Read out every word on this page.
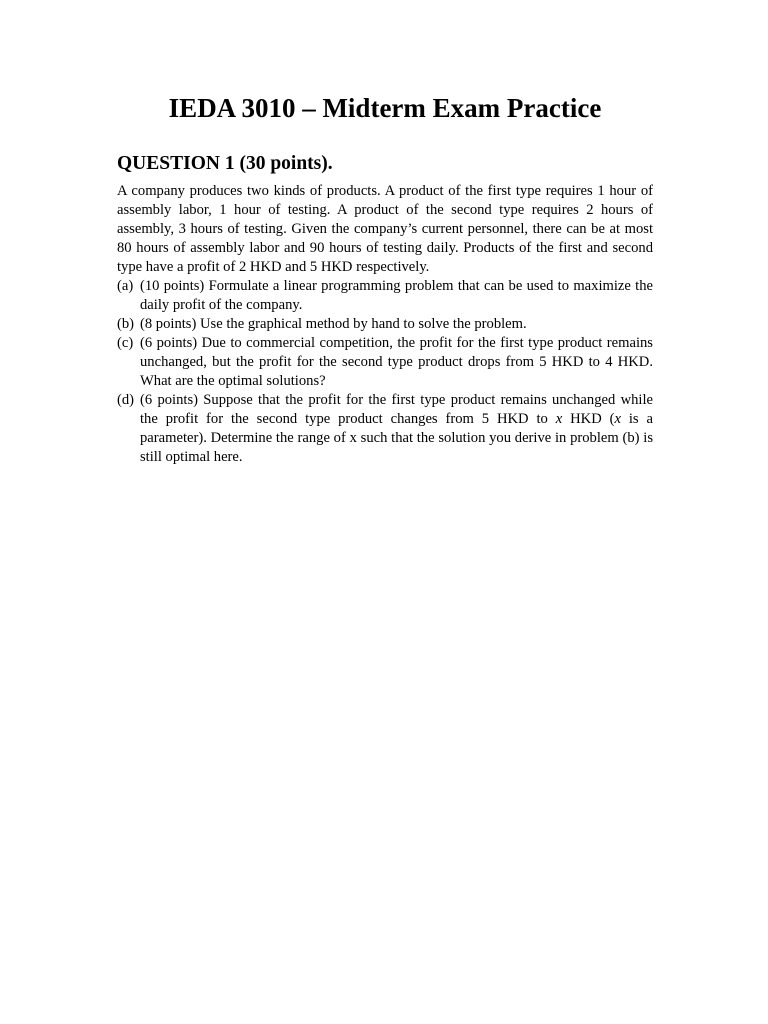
IEDA 3010 – Midterm Exam Practice
QUESTION 1 (30 points).
A company produces two kinds of products. A product of the first type requires 1 hour of assembly labor, 1 hour of testing. A product of the second type requires 2 hours of assembly, 3 hours of testing. Given the company’s current personnel, there can be at most 80 hours of assembly labor and 90 hours of testing daily. Products of the first and second type have a profit of 2 HKD and 5 HKD respectively.
(a) (10 points) Formulate a linear programming problem that can be used to maximize the daily profit of the company.
(b) (8 points) Use the graphical method by hand to solve the problem.
(c) (6 points) Due to commercial competition, the profit for the first type product remains unchanged, but the profit for the second type product drops from 5 HKD to 4 HKD. What are the optimal solutions?
(d) (6 points) Suppose that the profit for the first type product remains unchanged while the profit for the second type product changes from 5 HKD to x HKD (x is a parameter). Determine the range of x such that the solution you derive in problem (b) is still optimal here.
